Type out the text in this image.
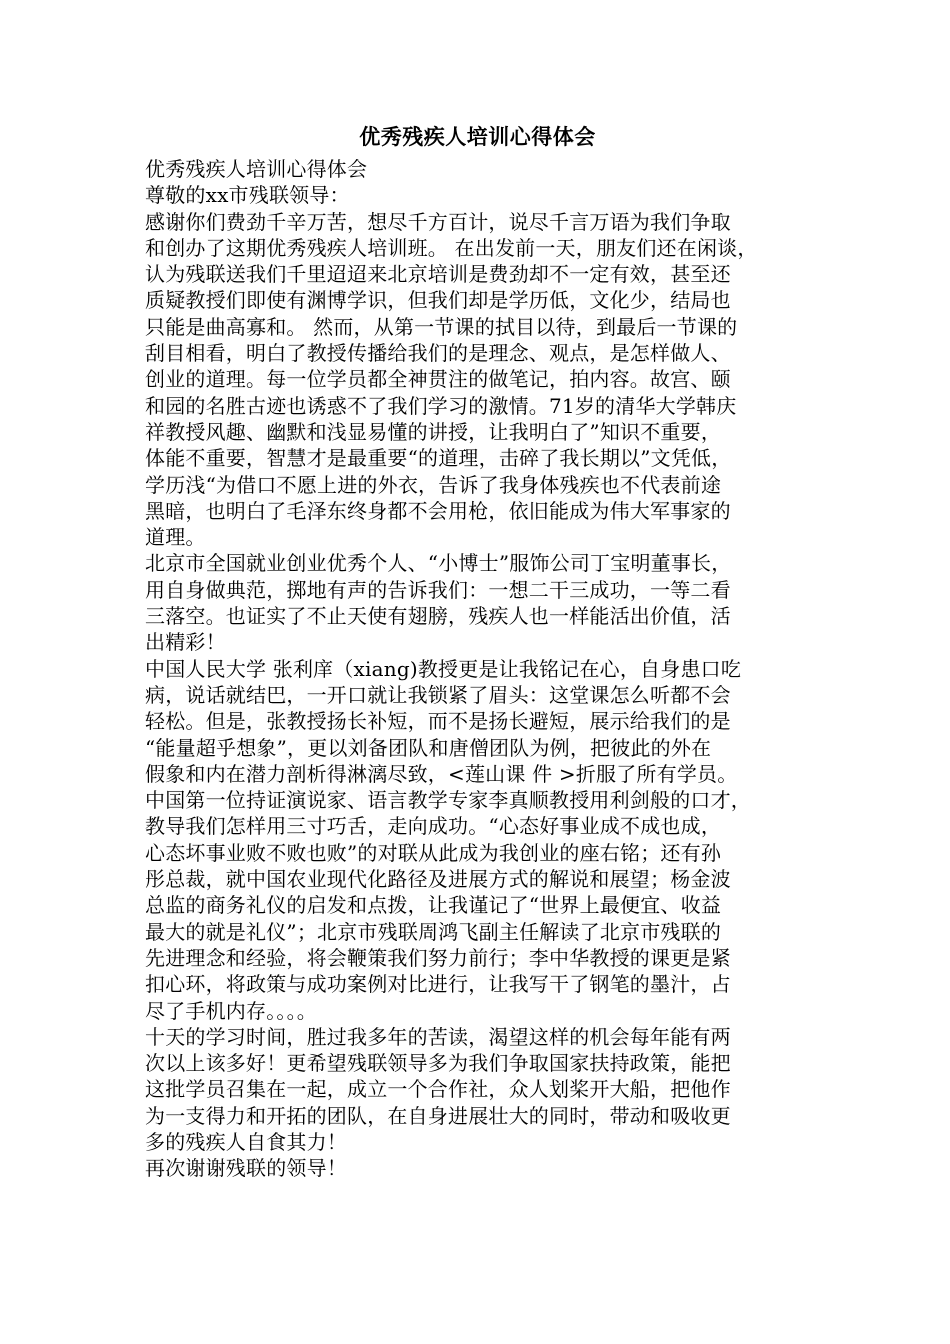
优秀残疾人培训心得体会

优秀残疾人培训心得体会

尊敬的xx市残联领导：

感谢你们费劲千辛万苦，想尽千方百计，说尽千言万语为我们争取

和创办了这期优秀残疾人培训班。 在出发前一天，朋友们还在闲谈，

认为残联送我们千里迢迢来北京培训是费劲却不一定有效，甚至还

质疑教授们即使有渊博学识，但我们却是学历低，文化少，结局也

只能是曲高寡和。 然而，从第一节课的拭目以待，到最后一节课的

刮目相看，明白了教授传播给我们的是理念、观点，是怎样做人、

创业的道理。每一位学员都全神贯注的做笔记，拍内容。故宫、颐

和园的名胜古迹也诱惑不了我们学习的激情。71岁的清华大学韩庆

祥教授风趣、幽默和浅显易懂的讲授，让我明白了”知识不重要，

体能不重要，智慧才是最重要“的道理，击碎了我长期以”文凭低，

学历浅“为借口不愿上进的外衣，告诉了我身体残疾也不代表前途

黑暗，也明白了毛泽东终身都不会用枪，依旧能成为伟大军事家的

道理。

北京市全国就业创业优秀个人、“小博士”服饰公司丁宝明董事长，

用自身做典范，掷地有声的告诉我们：一想二干三成功，一等二看

三落空。也证实了不止天使有翅膀，残疾人也一样能活出价值，活

出精彩！

中国人民大学 张利庠（xiang)教授更是让我铭记在心，自身患口吃

病，说话就结巴，一开口就让我锁紧了眉头：这堂课怎么听都不会

轻松。但是，张教授扬长补短，而不是扬长避短，展示给我们的是

“能量超乎想象”，更以刘备团队和唐僧团队为例，把彼此的外在

假象和内在潜力剖析得淋漓尽致，<莲山课 件 >折服了所有学员。

中国第一位持证演说家、语言教学专家李真顺教授用利剑般的口才，

教导我们怎样用三寸巧舌，走向成功。“心态好事业成不成也成，

心态坏事业败不败也败”的对联从此成为我创业的座右铭；还有孙

彤总裁，就中国农业现代化路径及进展方式的解说和展望；杨金波

总监的商务礼仪的启发和点拨，让我谨记了“世界上最便宜、收益

最大的就是礼仪”；北京市残联周鸿飞副主任解读了北京市残联的

先进理念和经验，将会鞭策我们努力前行；李中华教授的课更是紧

扣心环，将政策与成功案例对比进行，让我写干了钢笔的墨汁，占

尽了手机内存。。。。

十天的学习时间，胜过我多年的苦读，渴望这样的机会每年能有两

次以上该多好！更希望残联领导多为我们争取国家扶持政策，能把

这批学员召集在一起，成立一个合作社，众人划桨开大船，把他作

为一支得力和开拓的团队，在自身进展壮大的同时，带动和吸收更

多的残疾人自食其力！

再次谢谢残联的领导！
